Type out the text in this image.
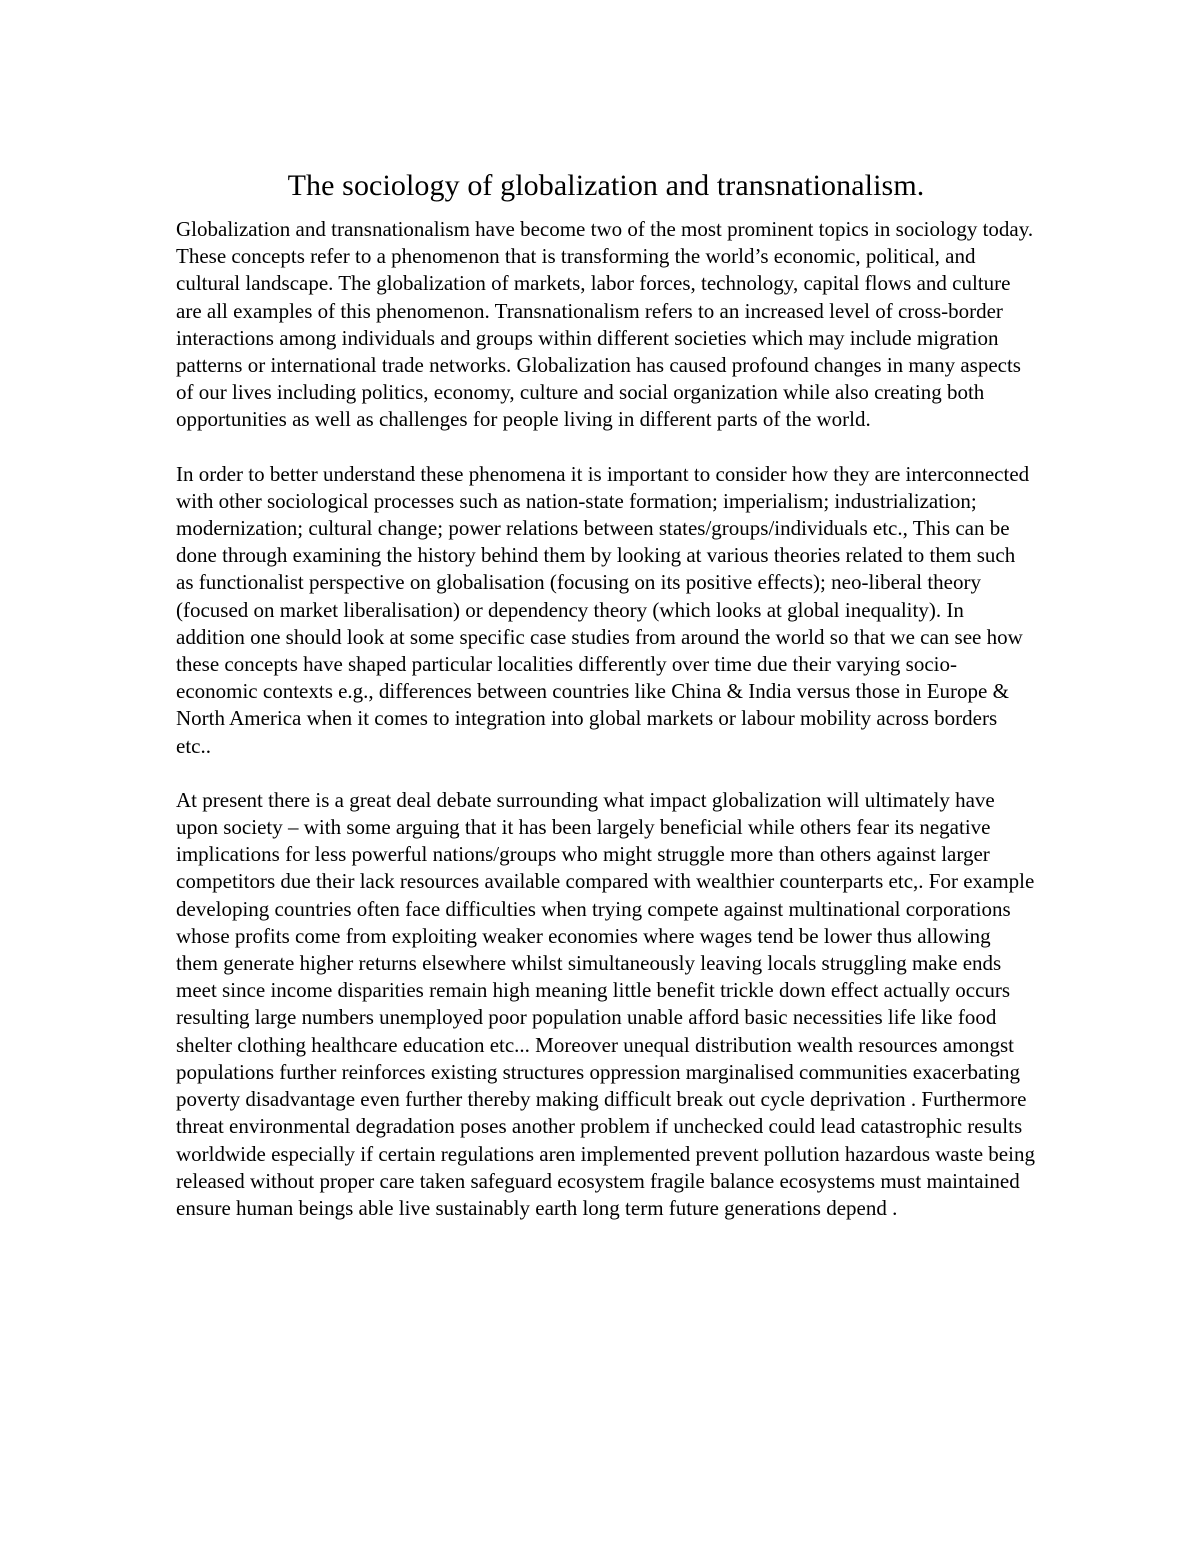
The sociology of globalization and transnationalism.

Globalization and transnationalism have become two of the most prominent topics in sociology today. These concepts refer to a phenomenon that is transforming the world’s economic, political, and cultural landscape. The globalization of markets, labor forces, technology, capital flows and culture are all examples of this phenomenon. Transnationalism refers to an increased level of cross-border interactions among individuals and groups within different societies which may include migration patterns or international trade networks. Globalization has caused profound changes in many aspects of our lives including politics, economy, culture and social organization while also creating both opportunities as well as challenges for people living in different parts of the world.

In order to better understand these phenomena it is important to consider how they are interconnected with other sociological processes such as nation-state formation; imperialism; industrialization; modernization; cultural change; power relations between states/groups/individuals etc., This can be done through examining the history behind them by looking at various theories related to them such as functionalist perspective on globalisation (focusing on its positive effects); neo-liberal theory (focused on market liberalisation) or dependency theory (which looks at global inequality). In addition one should look at some specific case studies from around the world so that we can see how these concepts have shaped particular localities differently over time due their varying socio-economic contexts e.g., differences between countries like China & India versus those in Europe & North America when it comes to integration into global markets or labour mobility across borders etc..

At present there is a great deal debate surrounding what impact globalization will ultimately have upon society – with some arguing that it has been largely beneficial while others fear its negative implications for less powerful nations/groups who might struggle more than others against larger competitors due their lack resources available compared with wealthier counterparts etc,. For example developing countries often face difficulties when trying compete against multinational corporations whose profits come from exploiting weaker economies where wages tend be lower thus allowing them generate higher returns elsewhere whilst simultaneously leaving locals struggling make ends meet since income disparities remain high meaning little benefit trickle down effect actually occurs resulting large numbers unemployed poor population unable afford basic necessities life like food shelter clothing healthcare education etc... Moreover unequal distribution wealth resources amongst populations further reinforces existing structures oppression marginalised communities exacerbating poverty disadvantage even further thereby making difficult break out cycle deprivation . Furthermore threat environmental degradation poses another problem if unchecked could lead catastrophic results worldwide especially if certain regulations aren implemented prevent pollution hazardous waste being released without proper care taken safeguard ecosystem fragile balance ecosystems must maintained ensure human beings able live sustainably earth long term future generations depend .
